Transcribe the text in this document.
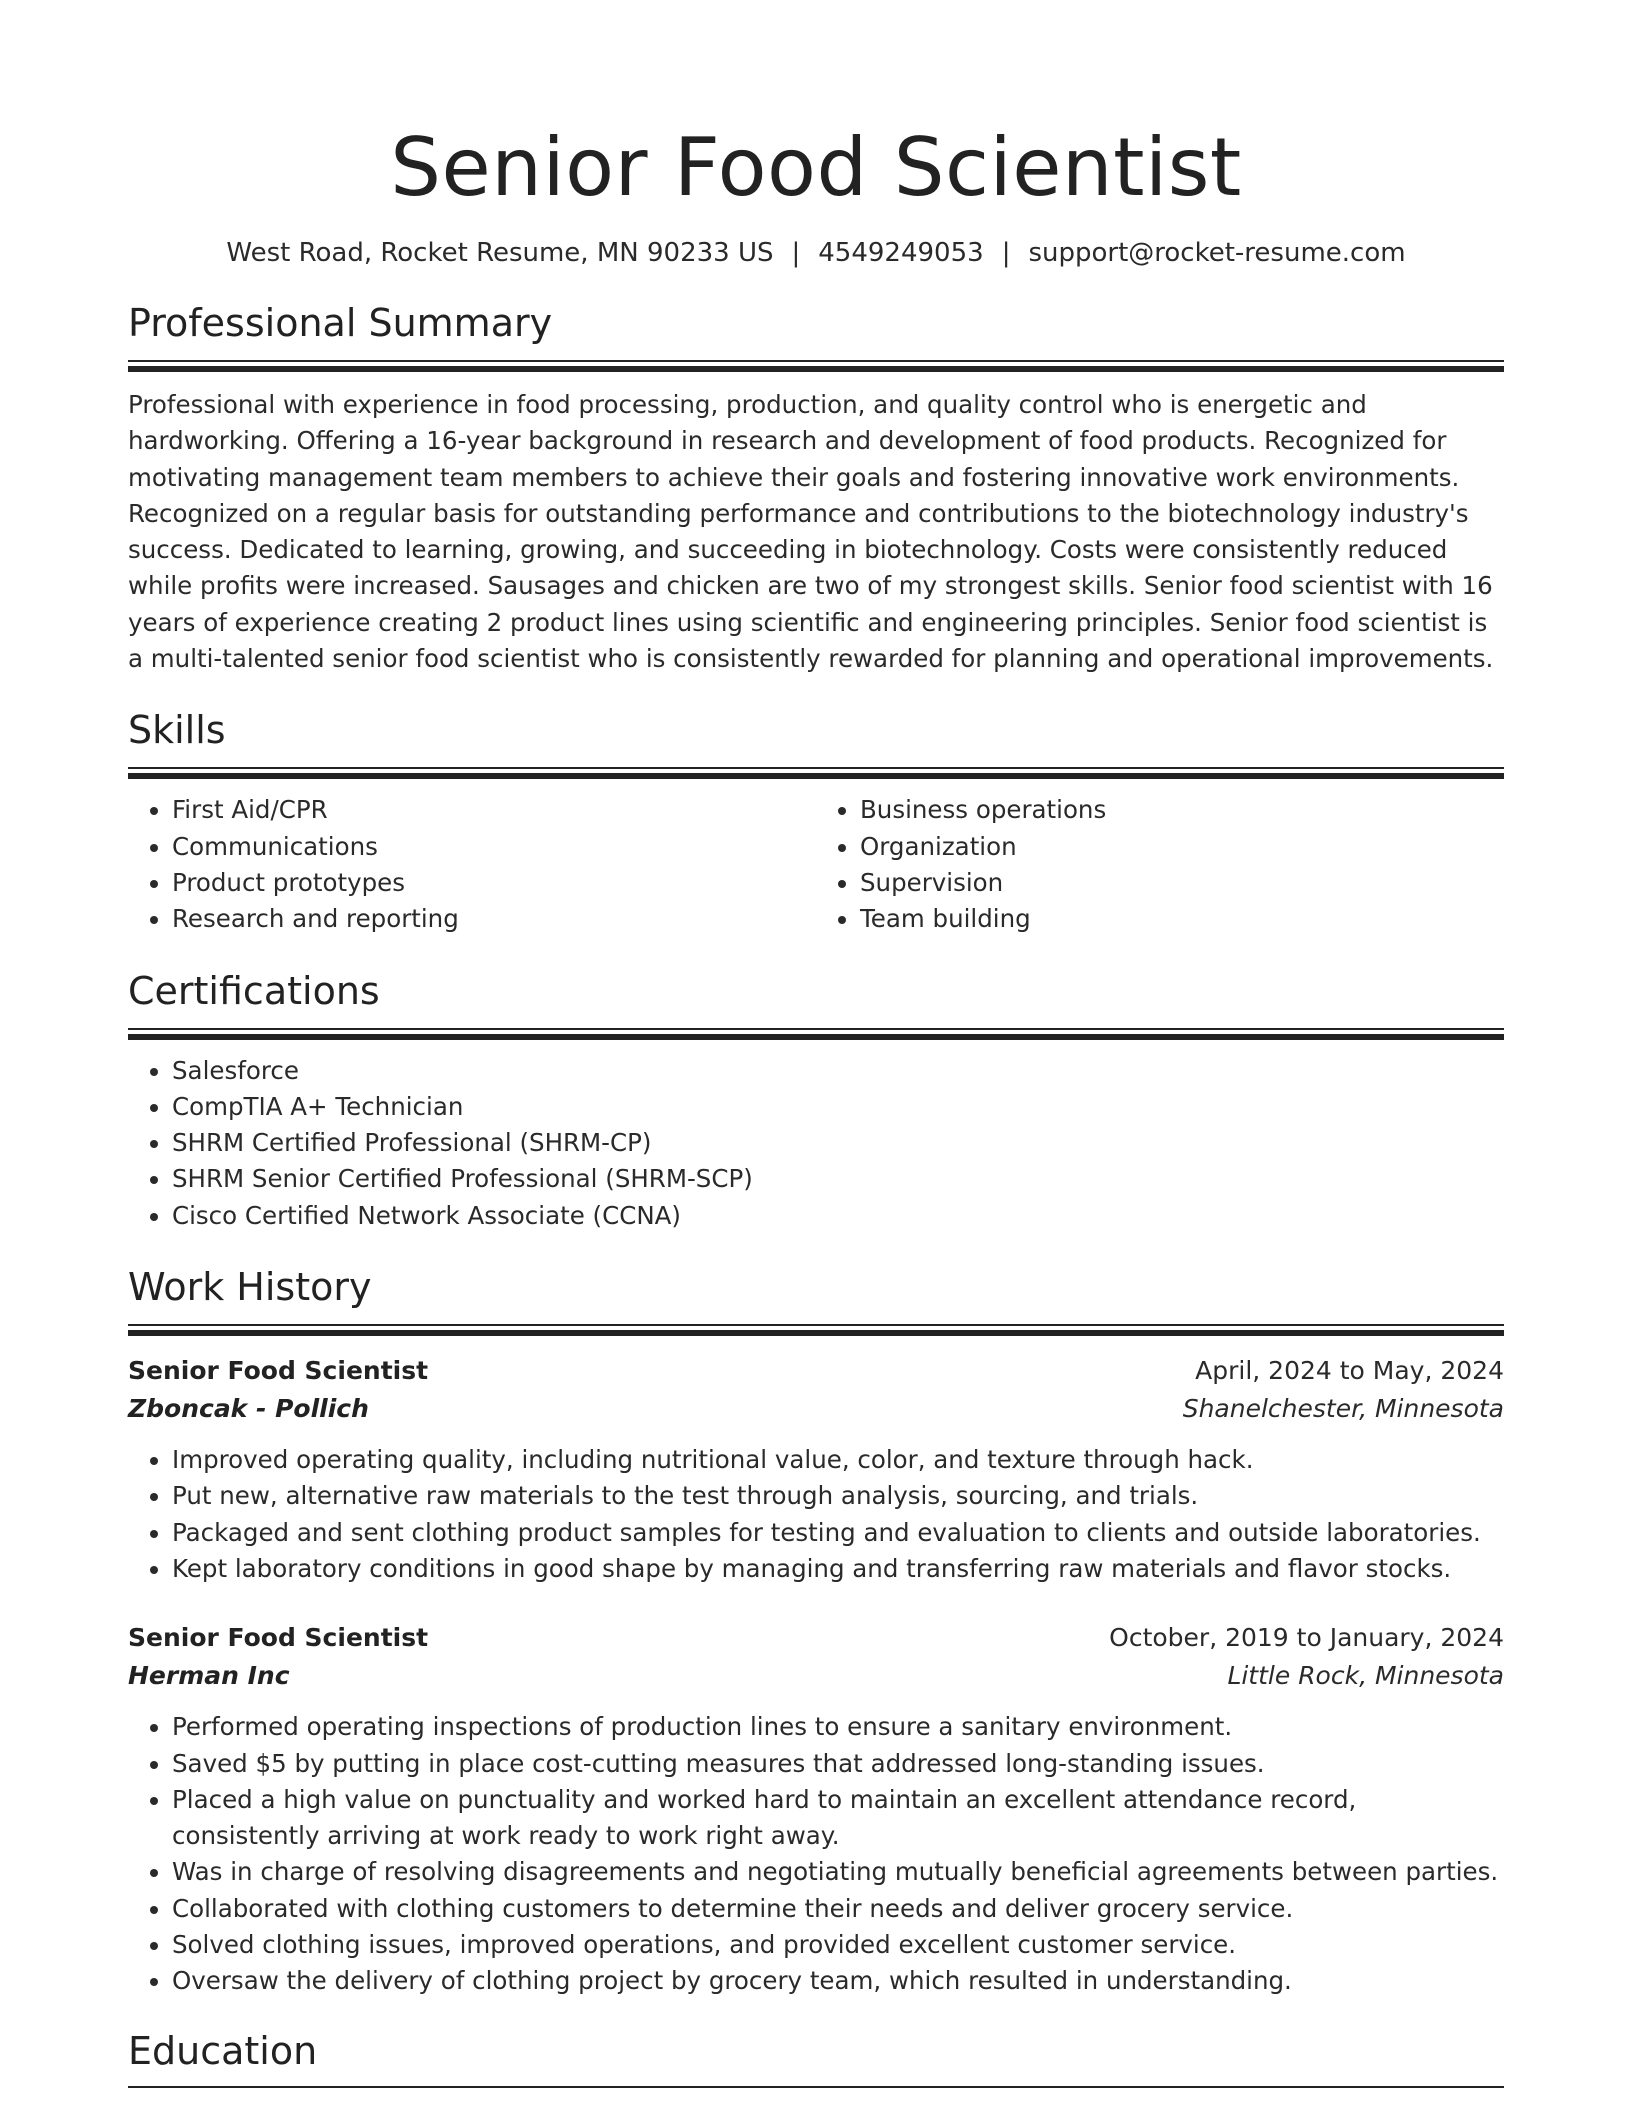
Senior Food Scientist
West Road, Rocket Resume, MN 90233 US | 4549249053 | support@rocket-resume.com
Professional Summary

Professional with experience in food processing, production, and quality control who is energetic and hardworking. Offering a 16-year background in research and development of food products. Recognized for motivating management team members to achieve their goals and fostering innovative work environments. Recognized on a regular basis for outstanding performance and contributions to the biotechnology industry's success. Dedicated to learning, growing, and succeeding in biotechnology. Costs were consistently reduced while profits were increased. Sausages and chicken are two of my strongest skills. Senior food scientist with 16 years of experience creating 2 product lines using scientific and engineering principles. Senior food scientist is a multi-talented senior food scientist who is consistently rewarded for planning and operational improvements.

Skills
• First Aid/CPR
• Communications
• Product prototypes
• Research and reporting
• Business operations
• Organization
• Supervision
• Team building
Certifications
• Salesforce
• CompTIA A+ Technician
• SHRM Certified Professional (SHRM-CP)
• SHRM Senior Certified Professional (SHRM-SCP)
• Cisco Certified Network Associate (CCNA)
Work History
Senior Food Scientist	April, 2024 to May, 2024
Zboncak - Pollich	Shanelchester, Minnesota
• Improved operating quality, including nutritional value, color, and texture through hack.
• Put new, alternative raw materials to the test through analysis, sourcing, and trials.
• Packaged and sent clothing product samples for testing and evaluation to clients and outside laboratories.
• Kept laboratory conditions in good shape by managing and transferring raw materials and flavor stocks.
Senior Food Scientist	October, 2019 to January, 2024
Herman Inc	Little Rock, Minnesota
• Performed operating inspections of production lines to ensure a sanitary environment.
• Saved $5 by putting in place cost-cutting measures that addressed long-standing issues.
• Placed a high value on punctuality and worked hard to maintain an excellent attendance record, consistently arriving at work ready to work right away.
• Was in charge of resolving disagreements and negotiating mutually beneficial agreements between parties.
• Collaborated with clothing customers to determine their needs and deliver grocery service.
• Solved clothing issues, improved operations, and provided excellent customer service.
• Oversaw the delivery of clothing project by grocery team, which resulted in understanding.
Education
